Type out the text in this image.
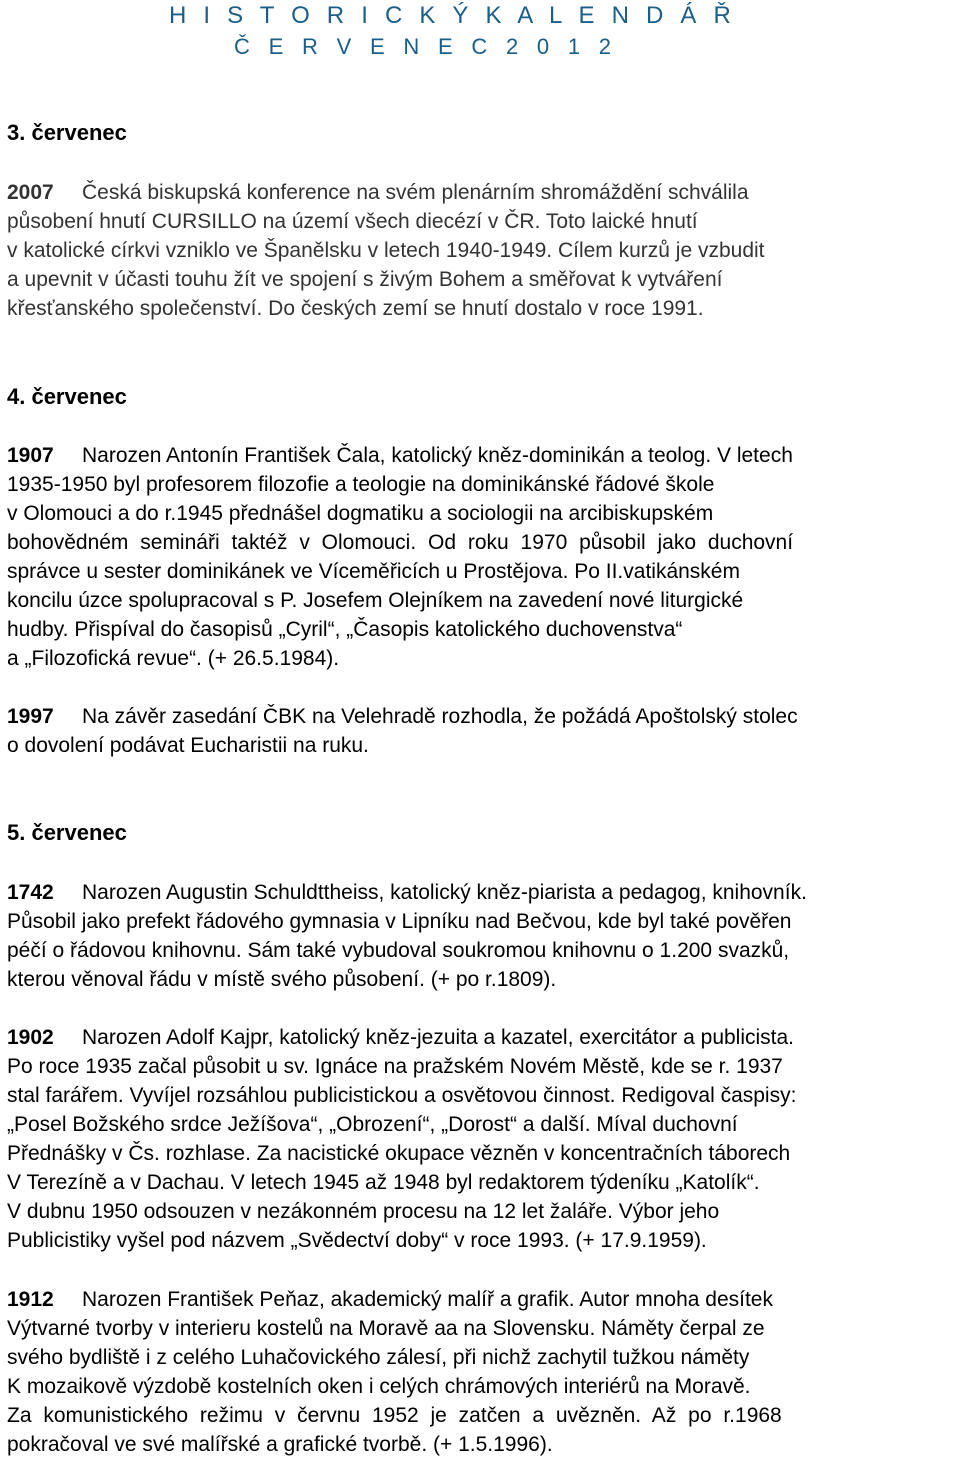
H I S T O R I C K Ý K A L E N D Á Ř
Č E R V E N E C 2 0 1 2
3. červenec
2007 Česká biskupská konference na svém plenárním shromáždění schválila
působení hnutí CURSILLO na území všech diecézí v ČR. Toto laické hnutí
v katolické církvi vzniklo ve Španělsku v letech 1940-1949. Cílem kurzů je vzbudit
a upevnit v účasti touhu žít ve spojení s živým Bohem a směřovat k vytváření
křesťanského společenství. Do českých zemí se hnutí dostalo v roce 1991.
4. červenec
1907 Narozen Antonín František Čala, katolický kněz-dominikán a teolog. V letech
1935-1950 byl profesorem filozofie a teologie na dominikánské řádové škole
v Olomouci a do r.1945 přednášel dogmatiku a sociologii na arcibiskupském
bohovědném semináři taktéž v Olomouci. Od roku 1970 působil jako duchovní
správce u sester dominikánek ve Víceměřicích u Prostějova. Po II.vatikánském
koncilu úzce spolupracoval s P. Josefem Olejníkem na zavedení nové liturgické
hudby. Přispíval do časopisů „Cyril“, „Časopis katolického duchovenstva“
a „Filozofická revue“. (+ 26.5.1984).
1997 Na závěr zasedání ČBK na Velehradě rozhodla, že požádá Apoštolský stolec
o dovolení podávat Eucharistii na ruku.
5. červenec
1742 Narozen Augustin Schuldttheiss, katolický kněz-piarista a pedagog, knihovník.
Působil jako prefekt řádového gymnasia v Lipníku nad Bečvou, kde byl také pověřen
péčí o řádovou knihovnu. Sám také vybudoval soukromou knihovnu o 1.200 svazků,
kterou věnoval řádu v místě svého působení. (+ po r.1809).
1902 Narozen Adolf Kajpr, katolický kněz-jezuita a kazatel, exercitátor a publicista.
Po roce 1935 začal působit u sv. Ignáce na pražském Novém Městě, kde se r. 1937
stal farářem. Vyvíjel rozsáhlou publicistickou a osvětovou činnost. Redigoval časpisy:
„Posel Božského srdce Ježíšova“, „Obrození“, „Dorost“ a další. Míval duchovní
Přednášky v Čs. rozhlase. Za nacistické okupace vězněn v koncentračních táborech
V Terezíně a v Dachau. V letech 1945 až 1948 byl redaktorem týdeníku „Katolík“.
V dubnu 1950 odsouzen v nezákonném procesu na 12 let žaláře. Výbor jeho
Publicistiky vyšel pod názvem „Svědectví doby“ v roce 1993. (+ 17.9.1959).
1912 Narozen František Peňaz, akademický malíř a grafik. Autor mnoha desítek
Výtvarné tvorby v interieru kostelů na Moravě aa na Slovensku. Náměty čerpal ze
svého bydliště i z celého Luhačovického zálesí, při nichž zachytil tužkou náměty
K mozaikově výzdobě kostelních oken i celých chrámových interiérů na Moravě.
Za komunistického režimu v červnu 1952 je zatčen a uvězněn. Až po r.1968
pokračoval ve své malířské a grafické tvorbě. (+ 1.5.1996).
